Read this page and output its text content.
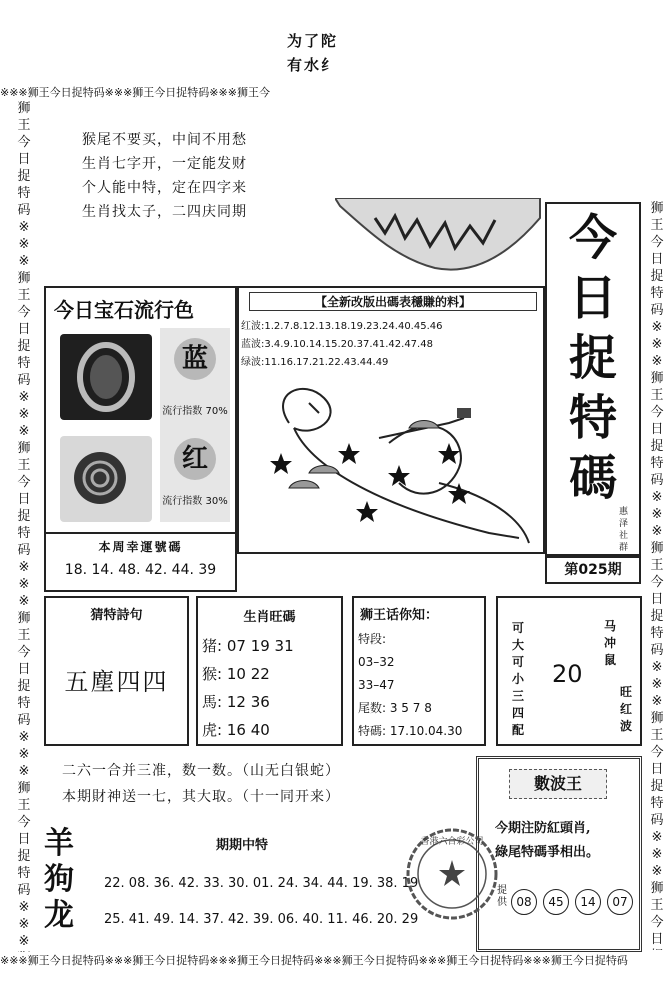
※※※狮王今日捉特码※※※狮王今日捉特码※※※狮王今
※※※狮王今日捉特码※※※狮王今日捉特码※※※狮王今日捉特码※※※狮王今日捉特码※※※狮王今日捉特码※※※狮王今日捉特码
狮王今日捉特码※※※狮王今日捉特码※※※狮王今日捉特码※※※狮王今日捉特码※※※狮王今日捉特码※※※
狮王今日捉特码※※※狮王今日捉特码※※※狮王今日捉特码※※※狮王今日捉特码※※※狮王今日
为了陀
有水纟
猴尾不要买，中间不用愁
生肖七字开，一定能发财
个人能中特，定在四字来
生肖找太子，二四庆同期	今日捉特碼
惠泽社群
第025期
今日宝石流行色
蓝
流行指数 70%
红
流行指数 30%
本周幸運號碼
18. 14. 48. 42. 44. 39
【全新改版出碼表穩賺的料】
红波:1.2.7.8.12.13.18.19.23.24.40.45.46
蓝波:3.4.9.10.14.15.20.37.41.42.47.48
绿波:11.16.17.21.22.43.44.49
猜特詩句
五塵四四
生肖旺碼
猪: 07 19 31
猴: 10 22
馬: 12 36
虎: 16 40
狮王话你知：
特段:
03–32
33–47
尾数: 3 5 7 8
特碼: 17.10.04.30
可大可小三四配
20
马冲鼠
旺红波
二六一合并三准，数一数。（山无白银蛇）
本期財神送一七，其大取。（十一同开来）
數波王
今期注防紅頭肖,
綠尾特碼爭相出。
提供 08	45	14	07
羊狗龙
期期中特
22. 08. 36. 42. 33. 30. 01. 24. 34. 44. 19. 38. 19
25. 41. 49. 14. 37. 42. 39. 06. 40. 11. 46. 20. 29
香港六合彩公司
